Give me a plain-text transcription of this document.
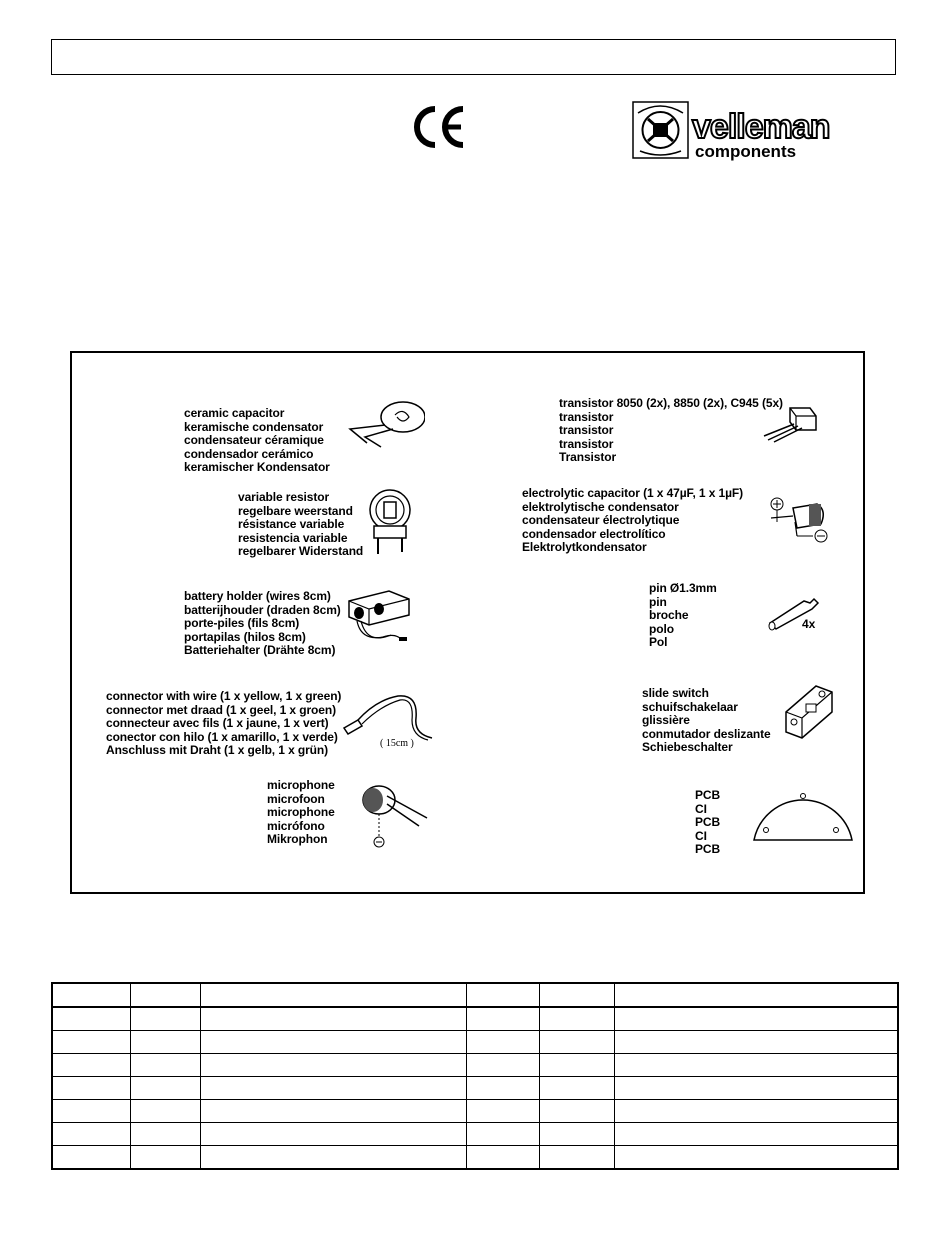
velleman
components
ceramic capacitor
keramische condensator
condensateur céramique
condensador cerámico
keramischer Kondensator
transistor 8050 (2x), 8850 (2x), C945 (5x)
transistor
transistor
transistor
Transistor
variable resistor
regelbare weerstand
résistance variable
resistencia variable
regelbarer Widerstand
electrolytic capacitor (1 x 47µF, 1 x 1µF)
elektrolytische condensator
condensateur électrolytique
condensador electrolítico
Elektrolytkondensator
battery holder (wires 8cm)
batterijhouder (draden 8cm)
porte-piles (fils 8cm)
portapilas (hilos 8cm)
Batteriehalter (Drähte 8cm)
pin Ø1.3mm
pin
broche
polo
Pol
4x
connector with wire (1 x yellow, 1 x green)
connector met draad (1 x geel, 1 x groen)
connecteur avec fils (1 x jaune, 1 x vert)
conector con hilo (1 x amarillo, 1 x verde)
Anschluss mit Draht (1 x gelb, 1 x grün)	( 15cm )
slide switch
schuifschakelaar
glissière
conmutador deslizante
Schiebeschalter
microphone
microfoon
microphone
micrófono
Mikrophon
PCB
CI
PCB
CI
PCB
